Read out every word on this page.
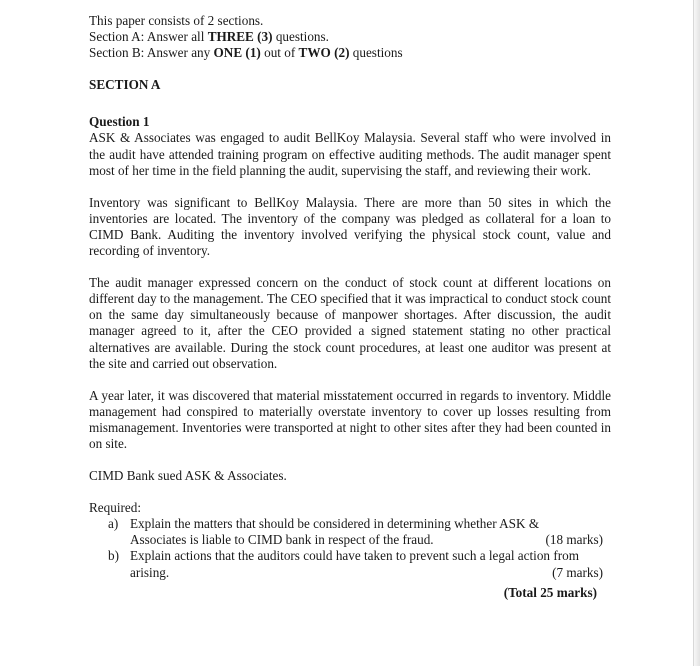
This paper consists of 2 sections.
Section A: Answer all THREE (3) questions.
Section B: Answer any ONE (1) out of TWO (2) questions
SECTION A
Question 1

ASK & Associates was engaged to audit BellKoy Malaysia. Several staff who were involved in the audit have attended training program on effective auditing methods. The audit manager spent most of her time in the field planning the audit, supervising the staff, and reviewing their work.

Inventory was significant to BellKoy Malaysia. There are more than 50 sites in which the inventories are located. The inventory of the company was pledged as collateral for a loan to CIMD Bank. Auditing the inventory involved verifying the physical stock count, value and recording of inventory.

The audit manager expressed concern on the conduct of stock count at different locations on different day to the management. The CEO specified that it was impractical to conduct stock count on the same day simultaneously because of manpower shortages. After discussion, the audit manager agreed to it, after the CEO provided a signed statement stating no other practical alternatives are available. During the stock count procedures, at least one auditor was present at the site and carried out observation.

A year later, it was discovered that material misstatement occurred in regards to inventory. Middle management had conspired to materially overstate inventory to cover up losses resulting from mismanagement. Inventories were transported at night to other sites after they had been counted in on site.

CIMD Bank sued ASK & Associates.

Required:

a) Explain the matters that should be considered in determining whether ASK &
Associates is liable to CIMD bank in respect of the fraud.	(18 marks)
b) Explain actions that the auditors could have taken to prevent such a legal action from
arising.	(7 marks)
(Total 25 marks)
